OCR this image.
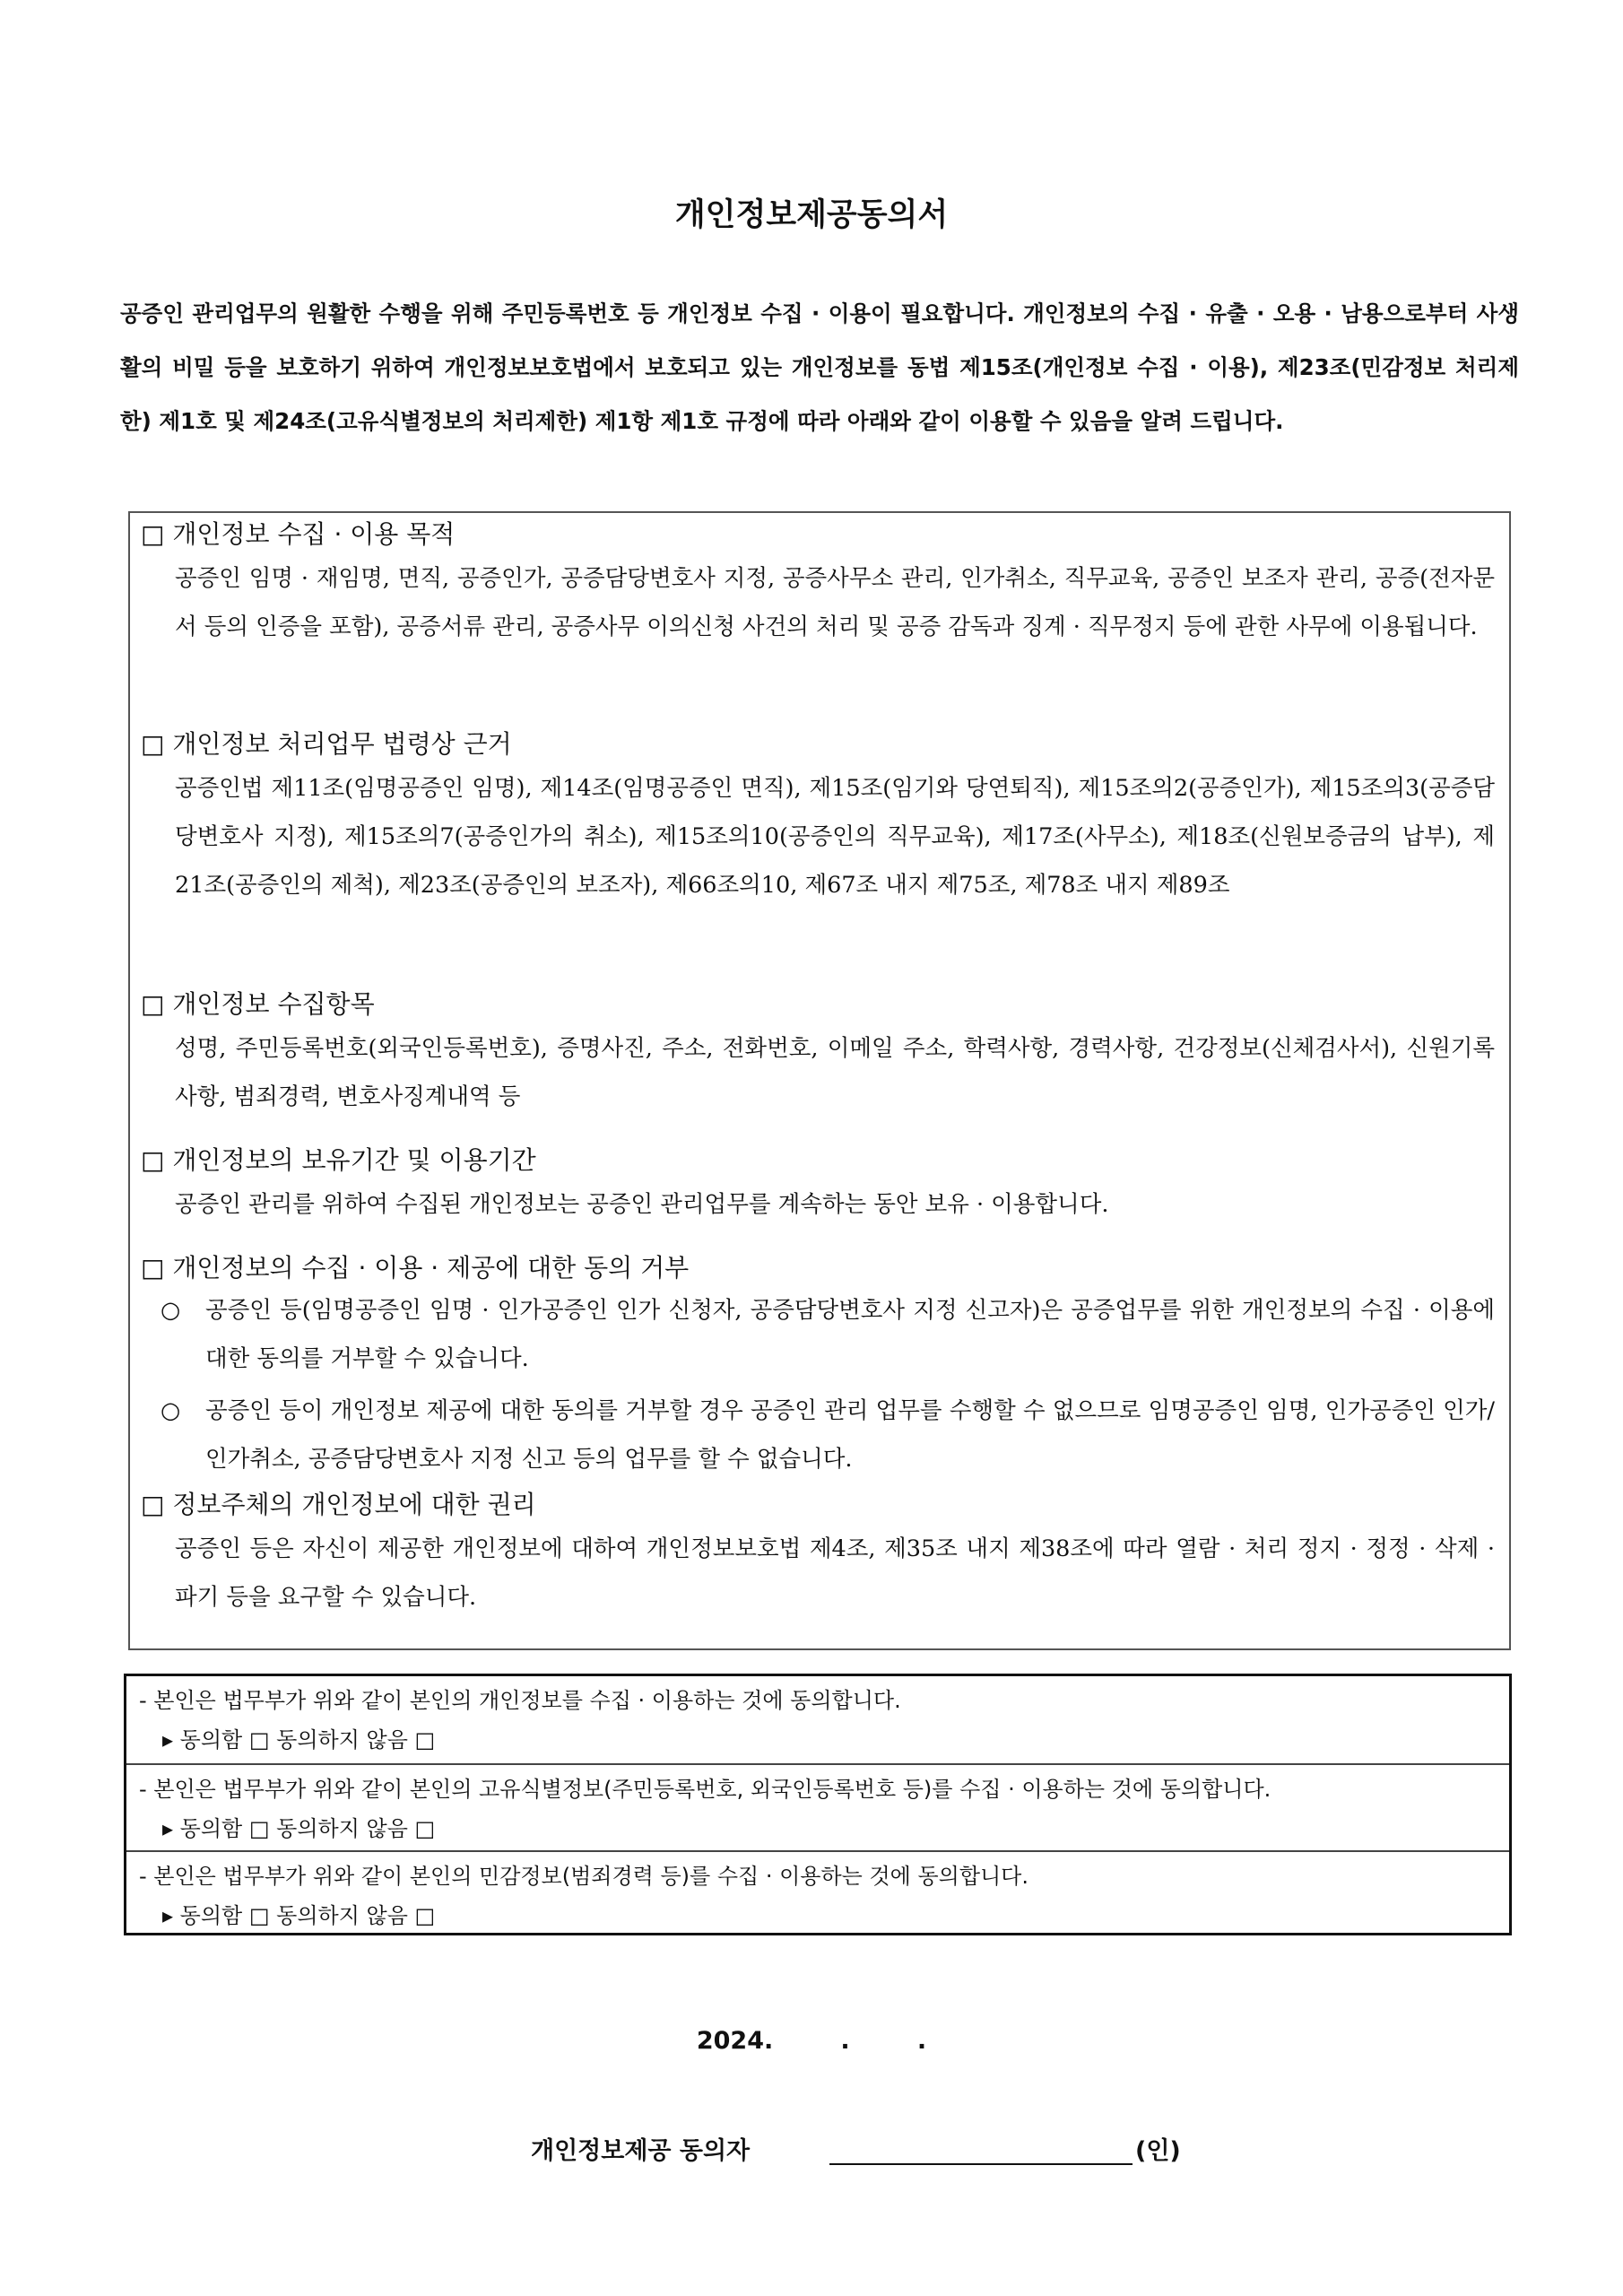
개인정보제공동의서

공증인 관리업무의 원활한 수행을 위해 주민등록번호 등 개인정보 수집 · 이용이 필요합니다. 개인정보의 수집 · 유출 · 오용 · 남용으로부터 사생활의 비밀 등을 보호하기 위하여 개인정보보호법에서 보호되고 있는 개인정보를 동법 제15조(개인정보 수집 · 이용), 제23조(민감정보 처리제한) 제1호 및 제24조(고유식별정보의 처리제한) 제1항 제1호 규정에 따라 아래와 같이 이용할 수 있음을 알려 드립니다.

□ 개인정보 수집 · 이용 목적

공증인 임명 · 재임명, 면직, 공증인가, 공증담당변호사 지정, 공증사무소 관리, 인가취소, 직무교육, 공증인 보조자 관리, 공증(전자문서 등의 인증을 포함), 공증서류 관리, 공증사무 이의신청 사건의 처리 및 공증 감독과 징계 · 직무정지 등에 관한 사무에 이용됩니다.

□ 개인정보 처리업무 법령상 근거

공증인법 제11조(임명공증인 임명), 제14조(임명공증인 면직), 제15조(임기와 당연퇴직), 제15조의2(공증인가), 제15조의3(공증담당변호사 지정), 제15조의7(공증인가의 취소), 제15조의10(공증인의 직무교육), 제17조(사무소), 제18조(신원보증금의 납부), 제21조(공증인의 제척), 제23조(공증인의 보조자), 제66조의10, 제67조 내지 제75조, 제78조 내지 제89조

□ 개인정보 수집항목

성명, 주민등록번호(외국인등록번호), 증명사진, 주소, 전화번호, 이메일 주소, 학력사항, 경력사항, 건강정보(신체검사서), 신원기록사항, 범죄경력, 변호사징계내역 등

□ 개인정보의 보유기간 및 이용기간

공증인 관리를 위하여 수집된 개인정보는 공증인 관리업무를 계속하는 동안 보유 · 이용합니다.

□ 개인정보의 수집 · 이용 · 제공에 대한 동의 거부

○ 공증인 등(임명공증인 임명 · 인가공증인 인가 신청자, 공증담당변호사 지정 신고자)은 공증업무를 위한 개인정보의 수집 · 이용에 대한 동의를 거부할 수 있습니다.
○ 공증인 등이 개인정보 제공에 대한 동의를 거부할 경우 공증인 관리 업무를 수행할 수 없으므로 임명공증인 임명, 인가공증인 인가/인가취소, 공증담당변호사 지정 신고 등의 업무를 할 수 없습니다.

□ 정보주체의 개인정보에 대한 권리

공증인 등은 자신이 제공한 개인정보에 대하여 개인정보보호법 제4조, 제35조 내지 제38조에 따라 열람 · 처리 정지 · 정정 · 삭제 · 파기 등을 요구할 수 있습니다.

- 본인은 법무부가 위와 같이 본인의 개인정보를 수집 · 이용하는 것에 동의합니다.
▸ 동의함 □ 동의하지 않음 □
- 본인은 법무부가 위와 같이 본인의 고유식별정보(주민등록번호, 외국인등록번호 등)를 수집 · 이용하는 것에 동의합니다.
▸ 동의함 □ 동의하지 않음 □
- 본인은 법무부가 위와 같이 본인의 민감정보(범죄경력 등)를 수집 · 이용하는 것에 동의합니다.
▸ 동의함 □ 동의하지 않음 □
2024.        .        .
개인정보제공 동의자	(인)
